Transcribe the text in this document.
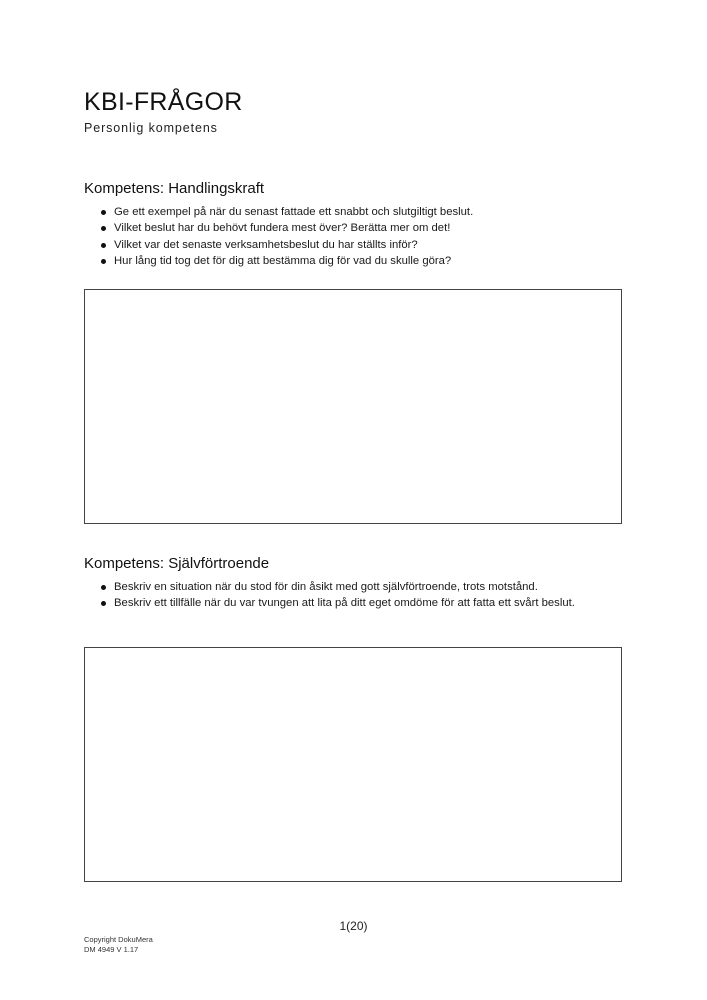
KBI-FRÅGOR

Personlig kompetens

Kompetens: Handlingskraft
Ge ett exempel på när du senast fattade ett snabbt och slutgiltigt beslut.
Vilket beslut har du behövt fundera mest över? Berätta mer om det!
Vilket var det senaste verksamhetsbeslut du har ställts inför?
Hur lång tid tog det för dig att bestämma dig för vad du skulle göra?
Kompetens: Självförtroende
Beskriv en situation när du stod för din åsikt med gott självförtroende, trots motstånd.
Beskriv ett tillfälle när du var tvungen att lita på ditt eget omdöme för att fatta ett svårt beslut.
1(20)
Copyright DokuMera
DM 4949 V 1.17
